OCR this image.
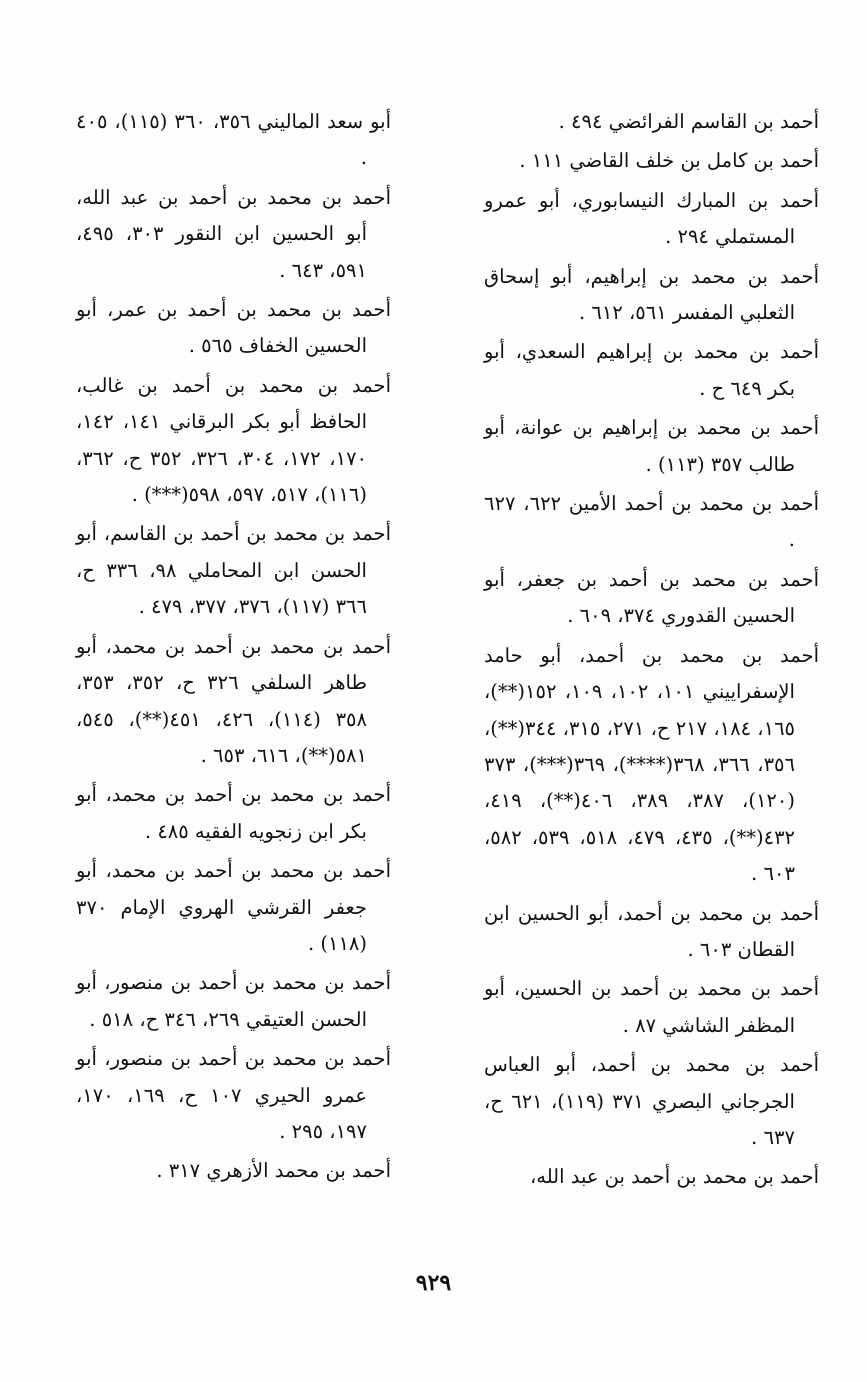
أحمد بن القاسم الفرائضي ٤٩٤ .

أحمد بن كامل بن خلف القاضي ١١١ .

أحمد بن المبارك النيسابوري، أبو عمرو المستملي ٢٩٤ .

أحمد بن محمد بن إبراهيم، أبو إسحاق الثعلبي المفسر ٥٦١، ٦١٢ .

أحمد بن محمد بن إبراهيم السعدي، أبو بكر ٦٤٩ ح .

أحمد بن محمد بن إبراهيم بن عوانة، أبو طالب ٣٥٧ (١١٣) .

أحمد بن محمد بن أحمد الأمين ٦٢٢، ٦٢٧ .

أحمد بن محمد بن أحمد بن جعفر، أبو الحسين القدوري ٣٧٤، ٦٠٩ .

أحمد بن محمد بن أحمد، أبو حامد الإسفراييني ١٠١، ١٠٢، ١٠٩، ١٥٢(**)، ١٦٥، ١٨٤، ٢١٧ ح، ٢٧١، ٣١٥، ٣٤٤(**)، ٣٥٦، ٣٦٦، ٣٦٨(****)، ٣٦٩(***)، ٣٧٣ (١٢٠)، ٣٨٧، ٣٨٩، ٤٠٦(**)، ٤١٩، ٤٣٢(**)، ٤٣٥، ٤٧٩، ٥١٨، ٥٣٩، ٥٨٢، ٦٠٣ .

أحمد بن محمد بن أحمد، أبو الحسين ابن القطان ٦٠٣ .

أحمد بن محمد بن أحمد بن الحسين، أبو المظفر الشاشي ٨٧ .

أحمد بن محمد بن أحمد، أبو العباس الجرجاني البصري ٣٧١ (١١٩)، ٦٢١ ح، ٦٣٧ .

أحمد بن محمد بن أحمد بن عبد الله،

أبو سعد الماليني ٣٥٦، ٣٦٠ (١١٥)، ٤٠٥ .

أحمد بن محمد بن أحمد بن عبد الله، أبو الحسين ابن النقور ٣٠٣، ٤٩٥، ٥٩١، ٦٤٣ .

أحمد بن محمد بن أحمد بن عمر، أبو الحسين الخفاف ٥٦٥ .

أحمد بن محمد بن أحمد بن غالب، الحافظ أبو بكر البرقاني ١٤١، ١٤٢، ١٧٠، ١٧٢، ٣٠٤، ٣٢٦، ٣٥٢ ح، ٣٦٢، (١١٦)، ٥١٧، ٥٩٧، ٥٩٨(***) .

أحمد بن محمد بن أحمد بن القاسم، أبو الحسن ابن المحاملي ٩٨، ٣٣٦ ح، ٣٦٦ (١١٧)، ٣٧٦، ٣٧٧، ٤٧٩ .

أحمد بن محمد بن أحمد بن محمد، أبو طاهر السلفي ٣٢٦ ح، ٣٥٢، ٣٥٣، ٣٥٨ (١١٤)، ٤٢٦، ٤٥١(**)، ٥٤٥، ٥٨١(**)، ٦١٦، ٦٥٣ .

أحمد بن محمد بن أحمد بن محمد، أبو بكر ابن زنجويه الفقيه ٤٨٥ .

أحمد بن محمد بن أحمد بن محمد، أبو جعفر القرشي الهروي الإمام ٣٧٠ (١١٨) .

أحمد بن محمد بن أحمد بن منصور، أبو الحسن العتيقي ٢٦٩، ٣٤٦ ح، ٥١٨ .

أحمد بن محمد بن أحمد بن منصور، أبو عمرو الحيري ١٠٧ ح، ١٦٩، ١٧٠، ١٩٧، ٢٩٥ .

أحمد بن محمد الأزهري ٣١٧ .

٩٢٩
